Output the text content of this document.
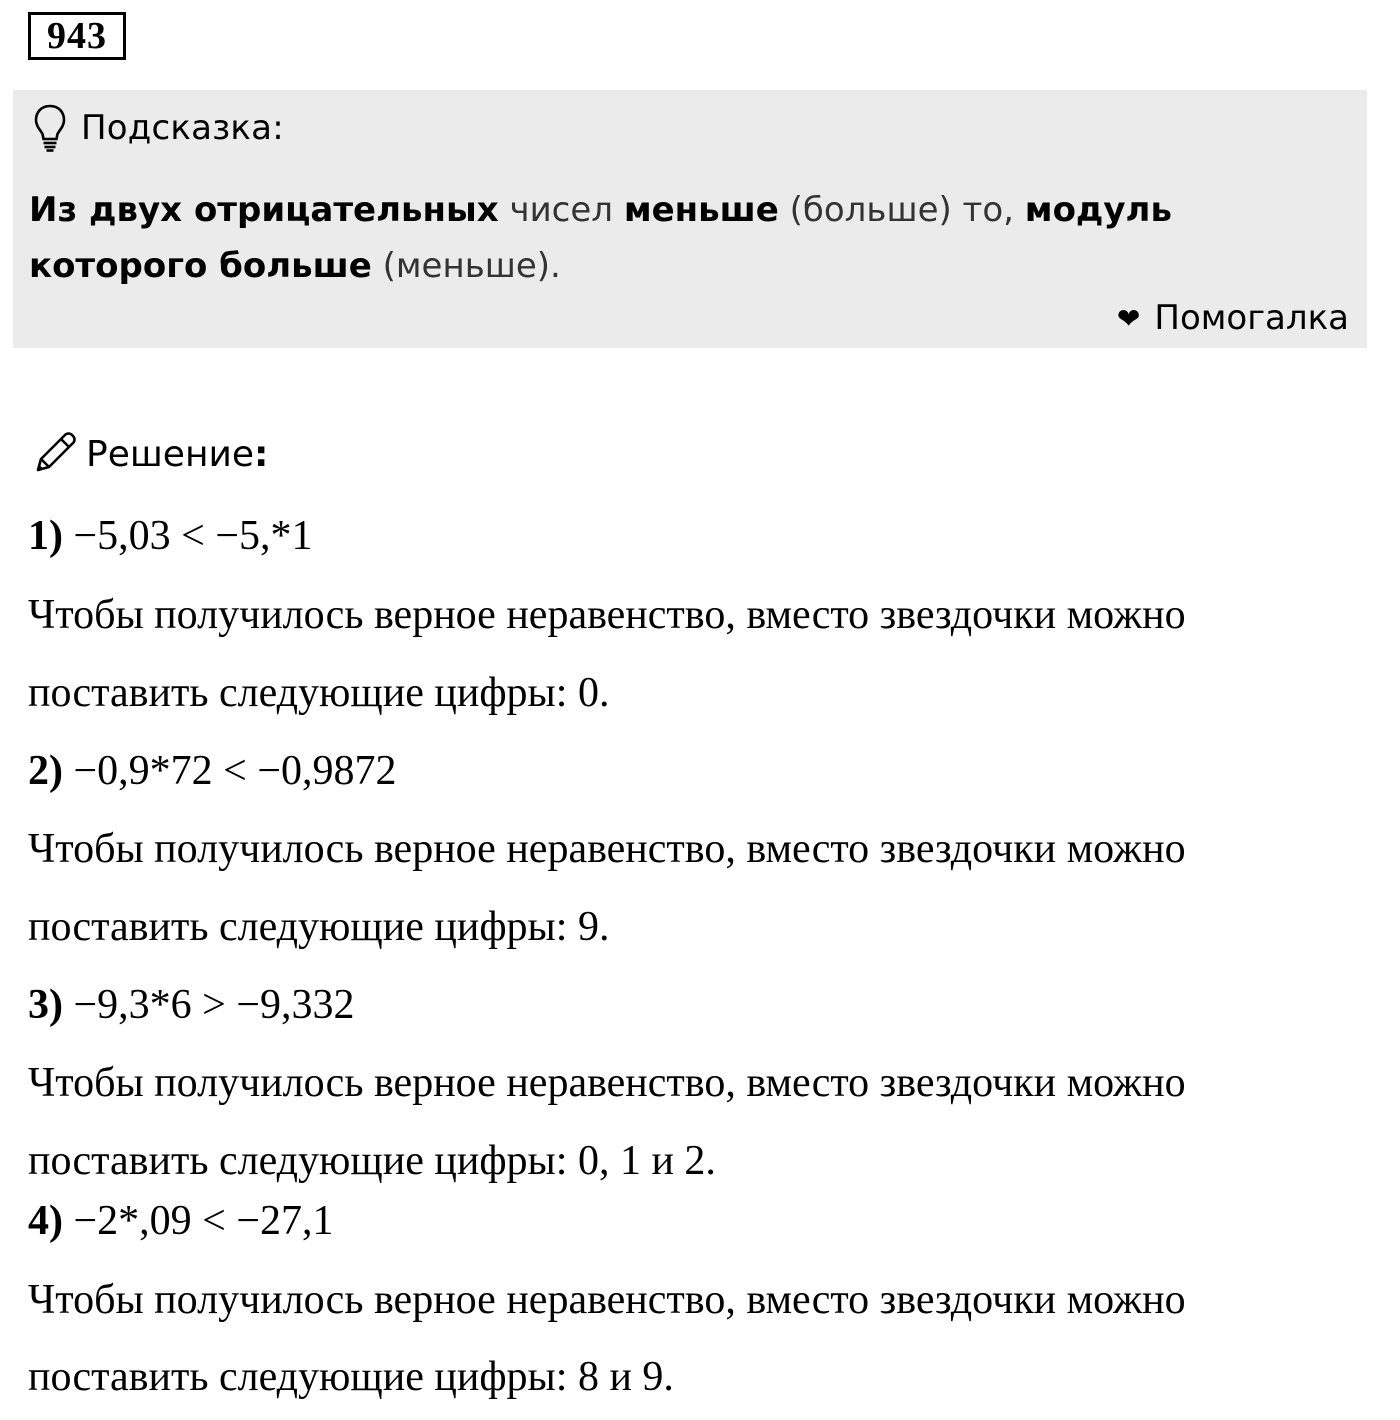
943
Подсказка:
Из двух отрицательных чисел меньше (больше) то, модуль которого больше (меньше).
❤ Помогалка
Решение:
1) −5,03 < −5,*1
Чтобы получилось верное неравенство, вместо звездочки можно
поставить следующие цифры: 0.
2) −0,9*72 < −0,9872
Чтобы получилось верное неравенство, вместо звездочки можно
поставить следующие цифры: 9.
3) −9,3*6 > −9,332
Чтобы получилось верное неравенство, вместо звездочки можно
поставить следующие цифры: 0, 1 и 2.
4) −2*,09 < −27,1
Чтобы получилось верное неравенство, вместо звездочки можно
поставить следующие цифры: 8 и 9.
